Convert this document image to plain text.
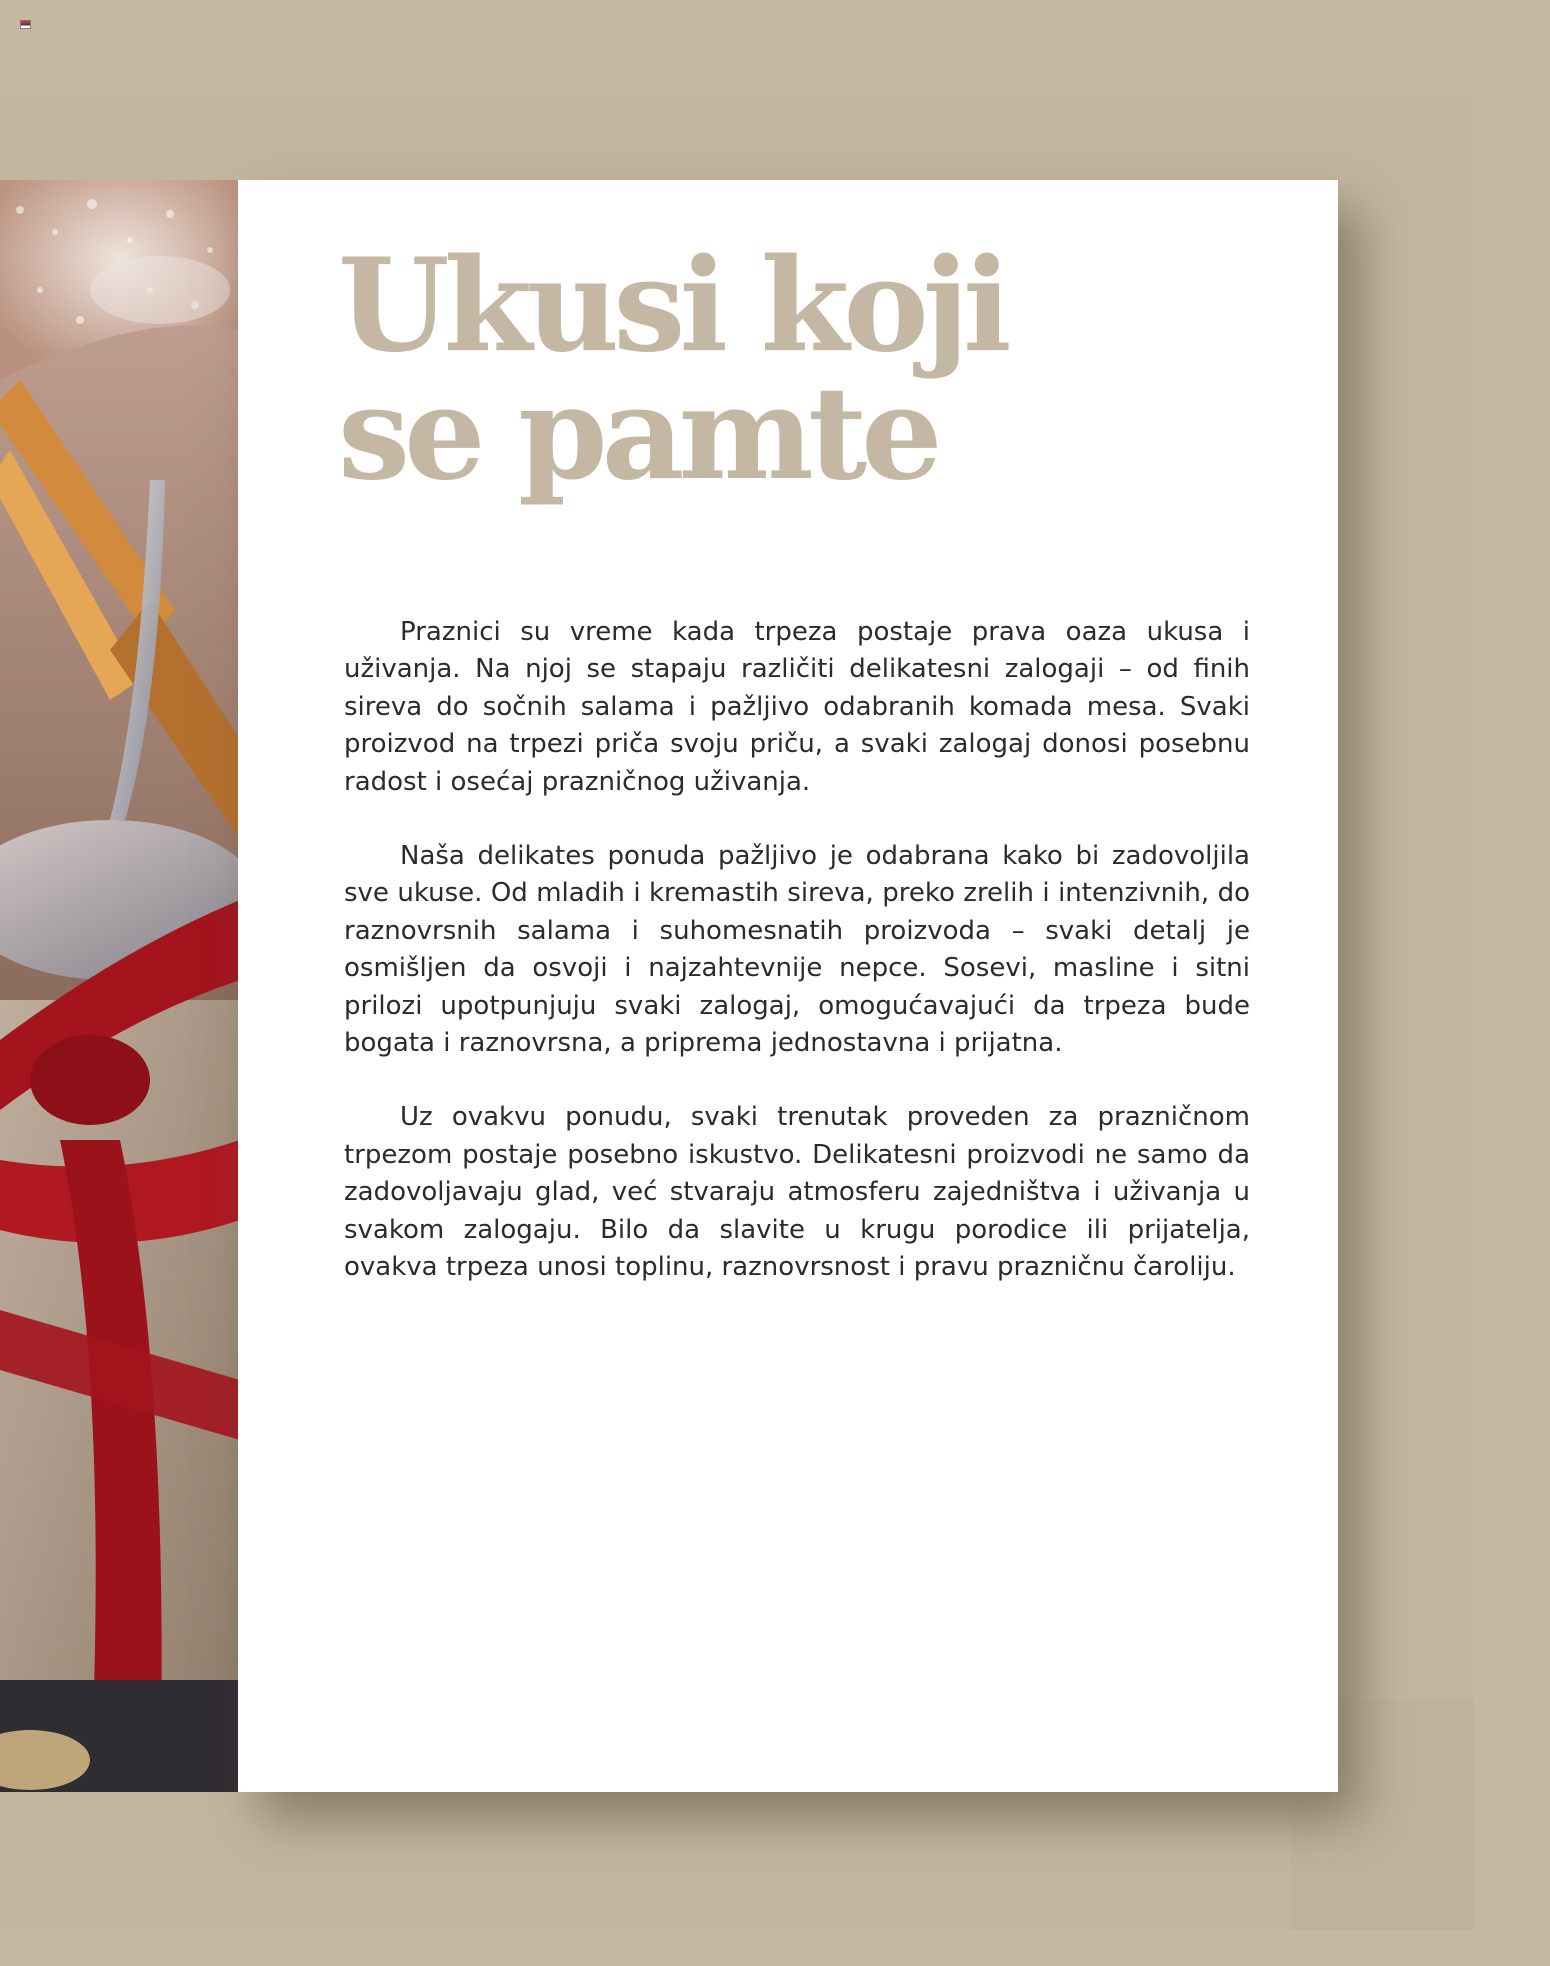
Ukusi koji
se pamte

Praznici su vreme kada trpeza postaje prava oaza ukusa i uživanja. Na njoj se stapaju različiti delikatesni zalogaji – od finih sireva do sočnih salama i pažljivo odabranih komada mesa. Svaki proizvod na trpezi priča svoju priču, a svaki zalogaj donosi posebnu radost i osećaj prazničnog uživanja.

Naša delikates ponuda pažljivo je odabrana kako bi zadovoljila sve ukuse. Od mladih i kremastih sireva, preko zrelih i intenzivnih, do raznovrsnih salama i suhomesnatih proizvoda – svaki detalj je osmišljen da osvoji i najzahtevnije nepce. Sosevi, masline i sitni prilozi upotpunjuju svaki zalogaj, omogućavajući da trpeza bude bogata i raznovrsna, a priprema jednostavna i prijatna.

Uz ovakvu ponudu, svaki trenutak proveden za prazničnom trpezom postaje posebno iskustvo. Delikatesni proizvodi ne samo da zadovoljavaju glad, već stvaraju atmosferu zajedništva i uživanja u svakom zalogaju. Bilo da slavite u krugu porodice ili prijatelja, ovakva trpeza unosi toplinu, raznovrsnost i pravu prazničnu čaroliju.
